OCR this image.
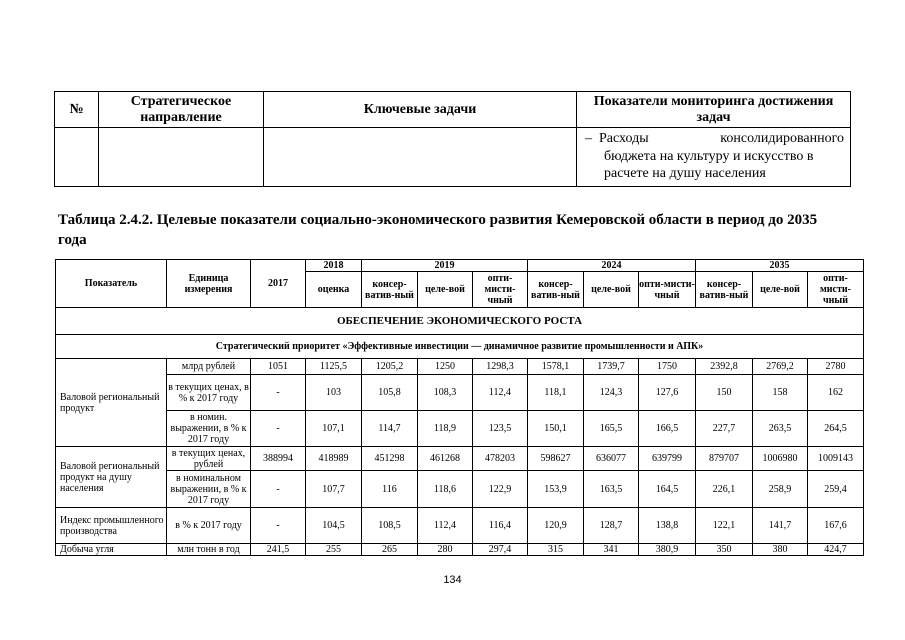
№	Стратегическое направление	Ключевые задачи	Показатели мониторинга достижения задач

			– Расходы консолидированного
бюджета на культуру и искусство в
расчете на душу населения
Таблица 2.4.2. Целевые показатели социально-экономического развития Кемеровской области в период до 2035 года
Показатель	Единица измерения	2017	2018	2019			2024			2035		
			оценка	консер-ватив-ный	целе-вой	опти-мисти-чный	консер-ватив-ный	целе-вой	опти-мисти-чный	консер-ватив-ный	целе-вой	опти-мисти-чный
ОБЕСПЕЧЕНИЕ ЭКОНОМИЧЕСКОГО РОСТА												
Стратегический приоритет «Эффективные инвестиции — динамичное развитие промышленности и АПК»												
Валовой региональный продукт	млрд рублей	1051	1125,5	1205,2	1250	1298,3	1578,1	1739,7	1750	2392,8	2769,2	2780
	в текущих ценах, в % к 2017 году	-	103	105,8	108,3	112,4	118,1	124,3	127,6	150	158	162
	в номин. выражении, в % к 2017 году	-	107,1	114,7	118,9	123,5	150,1	165,5	166,5	227,7	263,5	264,5
Валовой региональный продукт на душу населения	в текущих ценах, рублей	388994	418989	451298	461268	478203	598627	636077	639799	879707	1006980	1009143
	в номинальном выражении, в % к 2017 году	-	107,7	116	118,6	122,9	153,9	163,5	164,5	226,1	258,9	259,4
Индекс промышленного производства	в % к 2017 году	-	104,5	108,5	112,4	116,4	120,9	128,7	138,8	122,1	141,7	167,6
Добыча угля	млн тонн в год	241,5	255	265	280	297,4	315	341	380,9	350	380	424,7
134
